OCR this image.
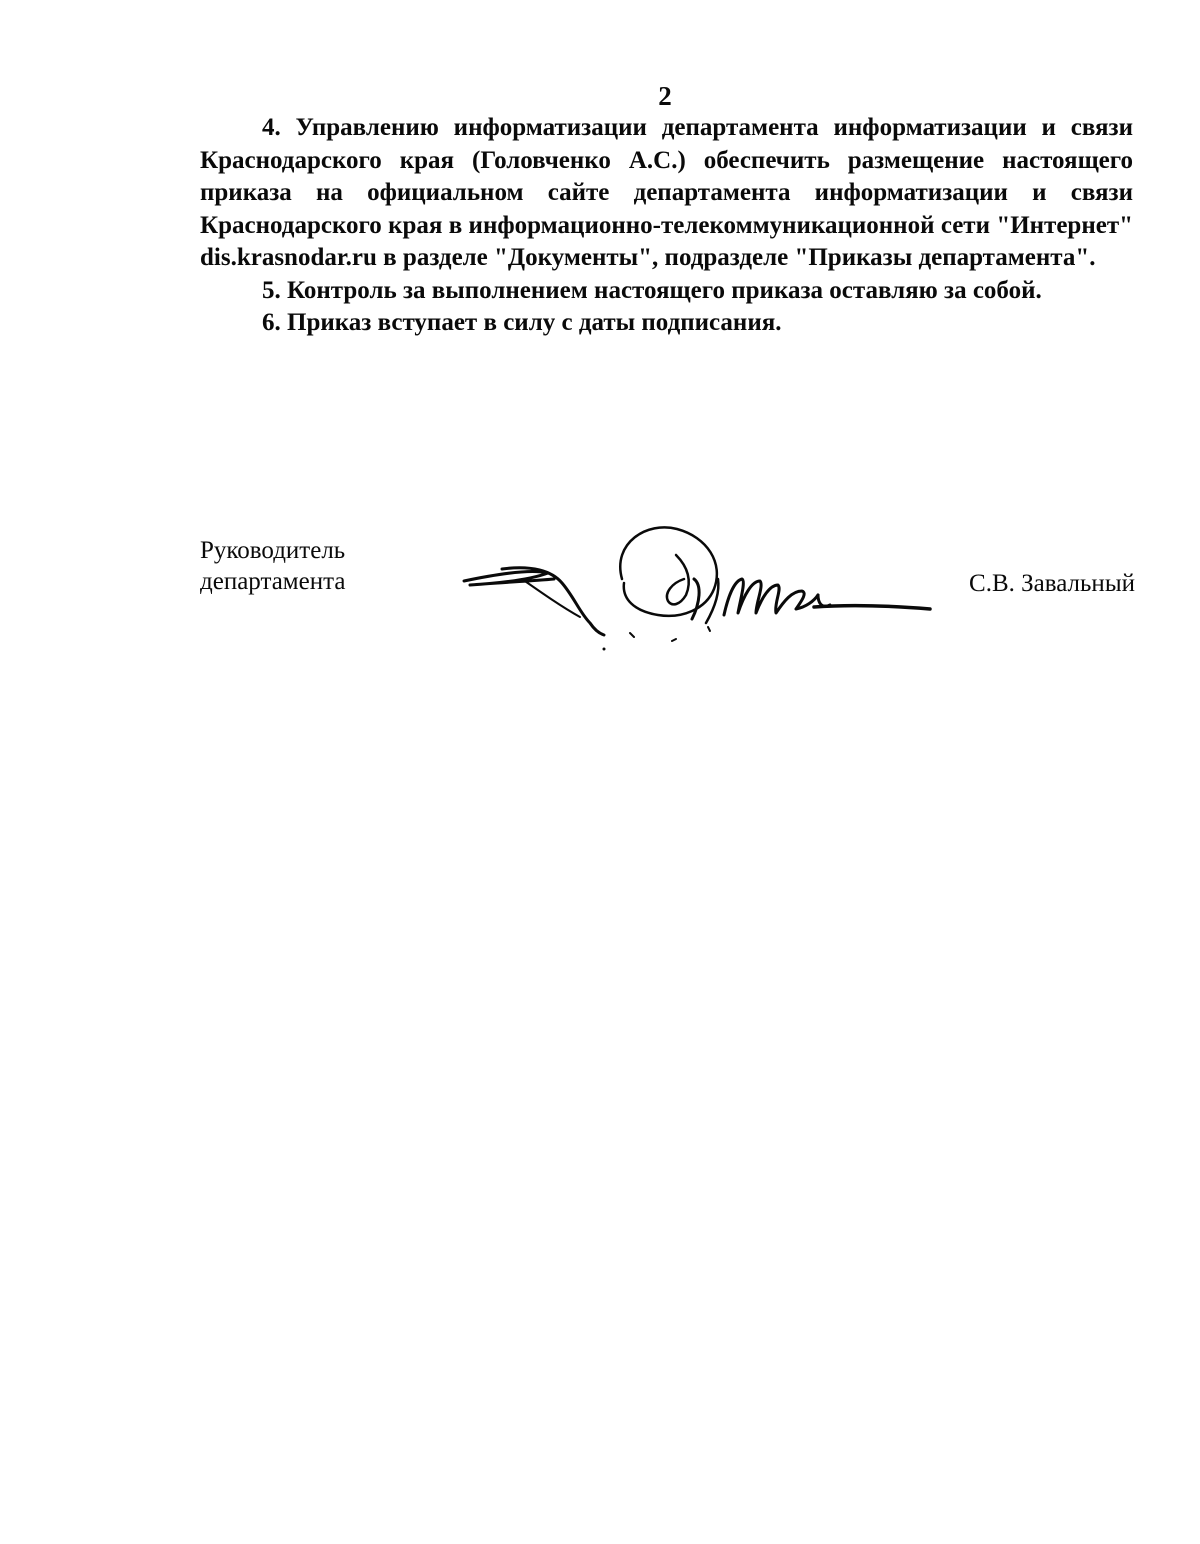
2

4. Управлению информатизации департамента информатизации и связи Краснодарского края (Головченко А.С.) обеспечить размещение настоящего приказа на официальном сайте департамента информатизации и связи Краснодарского края в информационно-телекоммуникационной сети "Интернет" dis.krasnodar.ru в разделе "Документы", подразделе "Приказы департамента".

5. Контроль за выполнением настоящего приказа оставляю за собой.

6. Приказ вступает в силу с даты подписания.

Руководитель
департамента	С.В. Завальный
